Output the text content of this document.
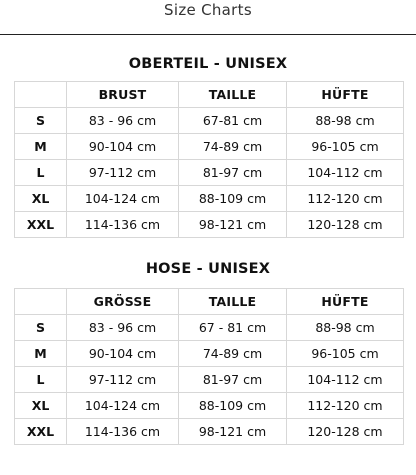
Size Charts
OBERTEIL - UNISEX
	BRUST	TAILLE	HÜFTE
S	83 - 96 cm	67-81 cm	88-98 cm
M	90-104 cm	74-89 cm	96-105 cm
L	97-112 cm	81-97 cm	104-112 cm
XL	104-124 cm	88-109 cm	112-120 cm
XXL	114-136 cm	98-121 cm	120-128 cm
HOSE - UNISEX
	GRÖSSE	TAILLE	HÜFTE
S	83 - 96 cm	67 - 81 cm	88-98 cm
M	90-104 cm	74-89 cm	96-105 cm
L	97-112 cm	81-97 cm	104-112 cm
XL	104-124 cm	88-109 cm	112-120 cm
XXL	114-136 cm	98-121 cm	120-128 cm
